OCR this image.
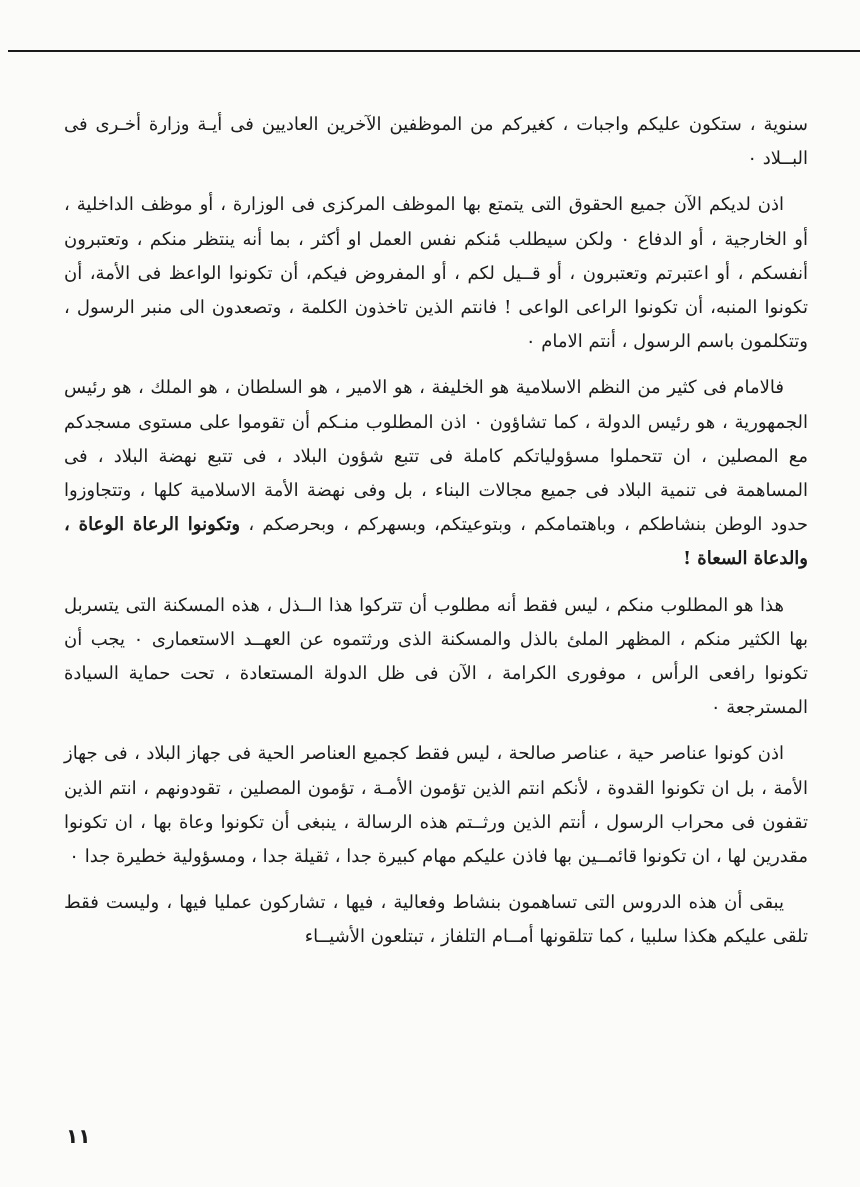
سنوية ، ستكون عليكم واجبات ، كغيركم من الموظفين الآخرين العاديين فى أيـة وزارة أخـرى فى البــلاد ٠

اذن لديكم الآن جميع الحقوق التى يتمتع بها الموظف المركزى فى الوزارة ، أو موظف الداخلية ، أو الخارجية ، أو الدفاع ٠ ولكن سيطلب مٔنكم نفس العمل او أكثر ، بما أنه ينتظر منكم ، وتعتبرون أنفسكم ، أو اعتبرتم وتعتبرون ، أو قــيل لكم ، أو المفروض فيكم، أن تكونوا الواعظ فى الأمة، أن تكونوا المنبه، أن تكونوا الراعى الواعى ! فانتم الذين تاخذون الكلمة ، وتصعدون الى منبر الرسول ، وتتكلمون باسم الرسول ، أنتم الامام ٠

فالامام فى كثير من النظم الاسلامية هو الخليفة ، هو الامير ، هو السلطان ، هو الملك ، هو رئيس الجمهورية ، هو رئيس الدولة ، كما تشاؤون ٠ اذن المطلوب منـكم أن تقوموا على مستوى مسجدكم مع المصلين ، ان تتحملوا مسؤولياتكم كاملة فى تتبع شؤون البلاد ، فى تتبع نهضة البلاد ، فى المساهمة فى تنمية البلاد فى جميع مجالات البناء ، بل وفى نهضة الأمة الاسلامية كلها ، وتتجاوزوا حدود الوطن بنشاطكم ، وباهتمامكم ، وبتوعيتكم، وبسهركم ، وبحرصكم ، وتكونوا الرعاة الوعاة ، والدعاة السعاة !

هذا هو المطلوب منكم ، ليس فقط أنه مطلوب أن تتركوا هذا الــذل ، هذه المسكنة التى يتسربل بها الكثير منكم ، المظهر الملئ بالذل والمسكنة الذى ورثتموه عن العهــد الاستعمارى ٠ يجب أن تكونوا رافعى الرأس ، موفورى الكرامة ، الآن فى ظل الدولة المستعادة ، تحت حماية السيادة المسترجعة ٠

اذن كونوا عناصر حية ، عناصر صالحة ، ليس فقط كجميع العناصر الحية فى جهاز البلاد ، فى جهاز الأمة ، بل ان تكونوا القدوة ، لأنكم انتم الذين تؤمون الأمـة ، تؤمون المصلين ، تقودونهم ، انتم الذين تقفون فى محراب الرسول ، أنتم الذين ورثــتم هذه الرسالة ، ينبغى أن تكونوا وعاة بها ، ان تكونوا مقدرين لها ، ان تكونوا قائمــين بها فاذن عليكم مهام كبيرة جدا ، ثقيلة جدا ، ومسؤولية خطيرة جدا ٠

يبقى أن هذه الدروس التى تساهمون بنشاط وفعالية ، فيها ، تشاركون عمليا فيها ، وليست فقط تلقى عليكم هكذا سلبيا ، كما تتلقونها أمــام التلفاز ، تبتلعون الأشيــاء

١١
